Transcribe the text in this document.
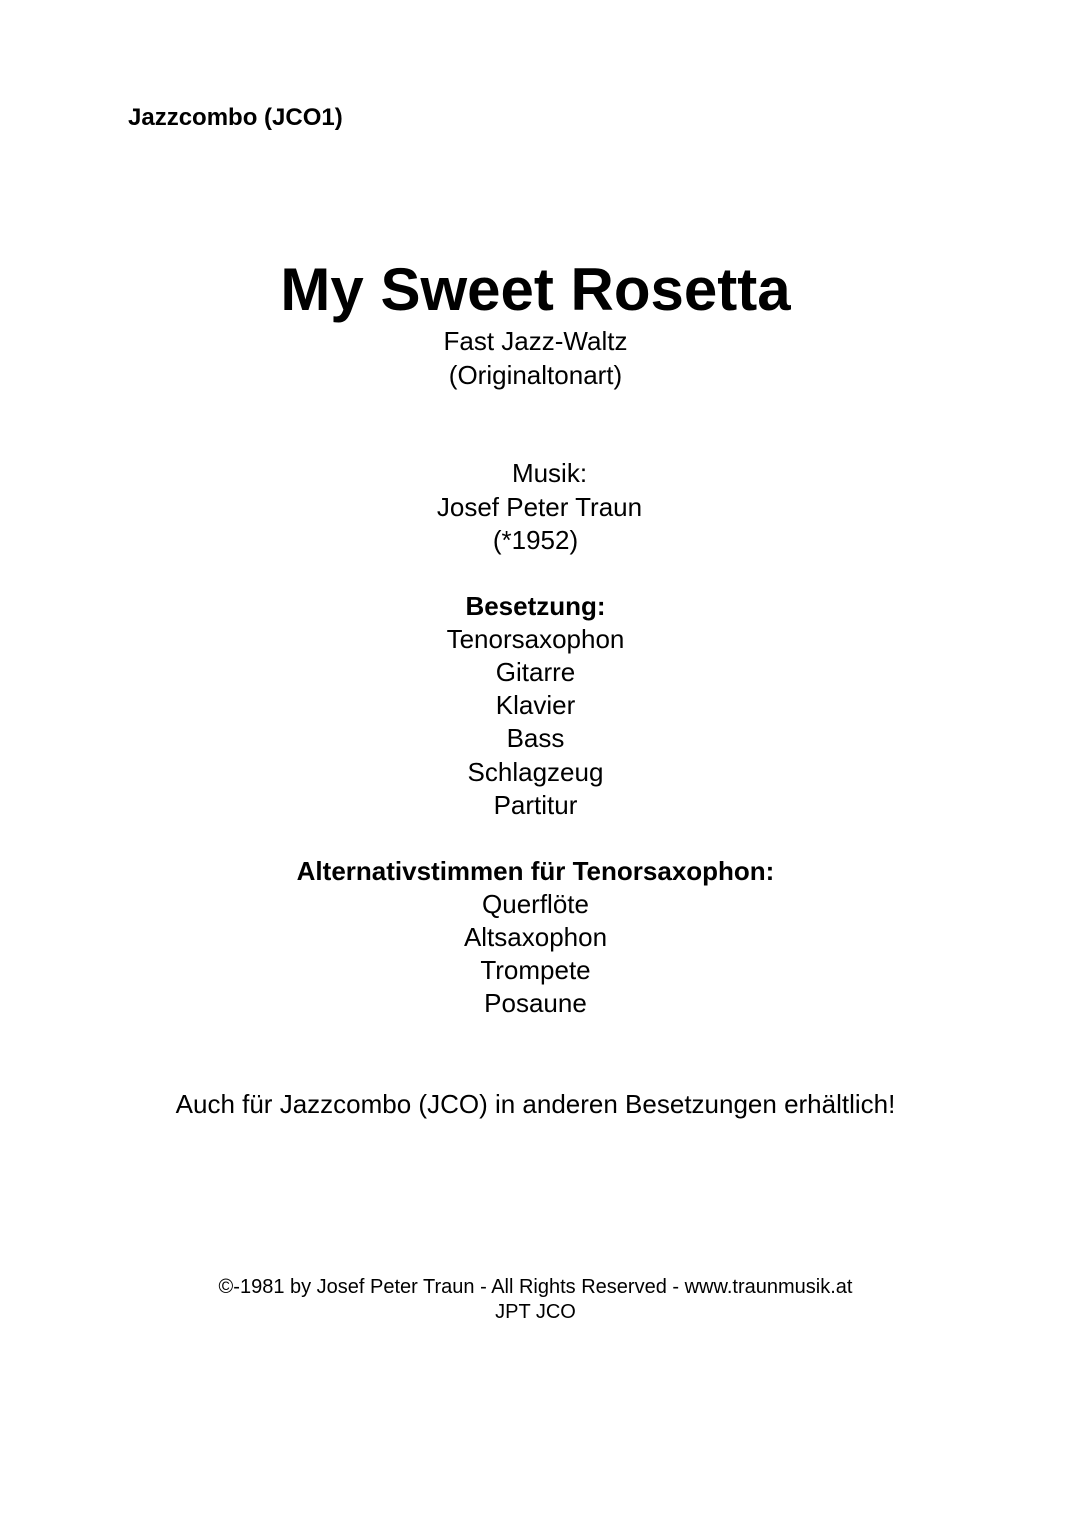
Jazzcombo (JCO1)
My Sweet Rosetta
Fast Jazz-Waltz
(Originaltonart)
Musik:
Josef Peter Traun
(*1952)
Besetzung:
Tenorsaxophon
Gitarre
Klavier
Bass
Schlagzeug
Partitur
Alternativstimmen für Tenorsaxophon:
Querflöte
Altsaxophon
Trompete
Posaune
Auch für Jazzcombo (JCO) in anderen Besetzungen erhältlich!
©-1981 by Josef Peter Traun - All Rights Reserved - www.traunmusik.at
JPT JCO
